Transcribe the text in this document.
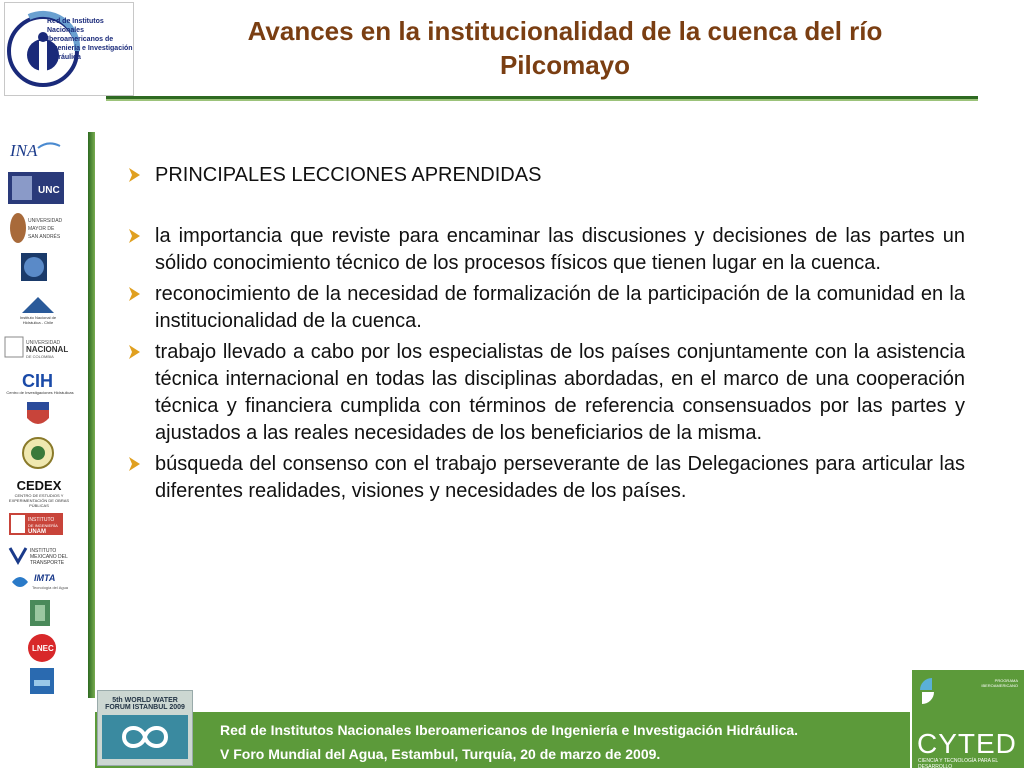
Red de Institutos Nacionales Iberoamericanos de Ingeniería e Investigación Hidráulica
Avances en la institucionalidad de la cuenca del río
Pilcomayo
INA
UNC
UNIVERSIDAD
MAYOR DE
SAN ANDRÉS
Instituto Nacional de Hidráulica - Chile
UNIVERSIDAD
NACIONAL
DE COLOMBIA
CIH
Centro de Investigaciones Hidráulicas
CEDEX
CENTRO DE ESTUDIOS Y EXPERIMENTACIÓN DE OBRAS PÚBLICAS
INSTITUTO
DE INGENIERÍA
UNAM
INSTITUTO
MEXICANO DEL
TRANSPORTE
IMTA
Tecnología del Agua
LNEC
PRINCIPALES LECCIONES APRENDIDAS
la importancia que reviste para encaminar las discusiones y decisiones de las partes un sólido conocimiento técnico de los procesos físicos que tienen lugar en la cuenca.
reconocimiento de la necesidad de formalización de la participación de la comunidad en la institucionalidad de la cuenca.
trabajo llevado a cabo por los especialistas de los países conjuntamente con la asistencia técnica internacional en todas las disciplinas abordadas, en el marco de una cooperación técnica y financiera cumplida con términos de referencia consensuados por las partes y ajustados a las reales necesidades de los beneficiarios de la misma.
búsqueda del consenso con el trabajo perseverante de las Delegaciones para articular las diferentes realidades, visiones y necesidades de los países.
Red de Institutos Nacionales Iberoamericanos de Ingeniería e Investigación Hidráulica.
V Foro Mundial del Agua, Estambul, Turquía, 20 de marzo de 2009.
5th WORLD WATER FORUM ISTANBUL 2009
PROGRAMA IBEROAMERICANO
CYTED
CIENCIA Y TECNOLOGÍA PARA EL DESARROLLO
